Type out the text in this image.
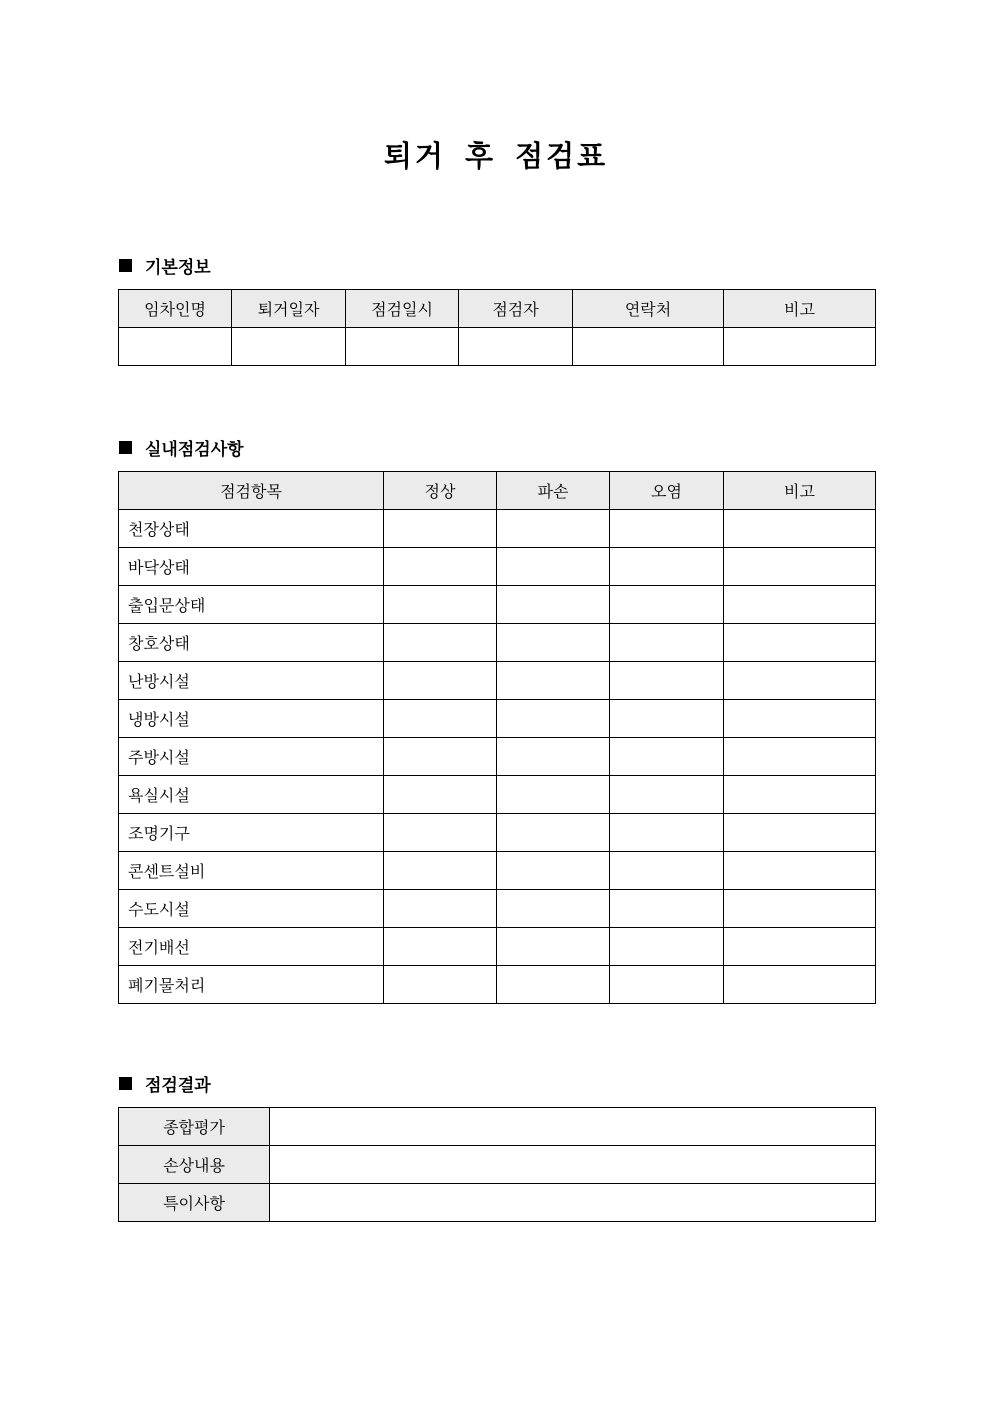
퇴거 후 점검표
기본정보
임차인명	퇴거일자	점검일시	점검자	연락처	비고

실내점검사항
점검항목	정상	파손	오염	비고
천장상태				
바닥상태				
출입문상태				
창호상태				
난방시설				
냉방시설				
주방시설				
욕실시설				
조명기구				
콘센트설비				
수도시설				
전기배선				
폐기물처리				
점검결과
종합평가	
손상내용	
특이사항	
